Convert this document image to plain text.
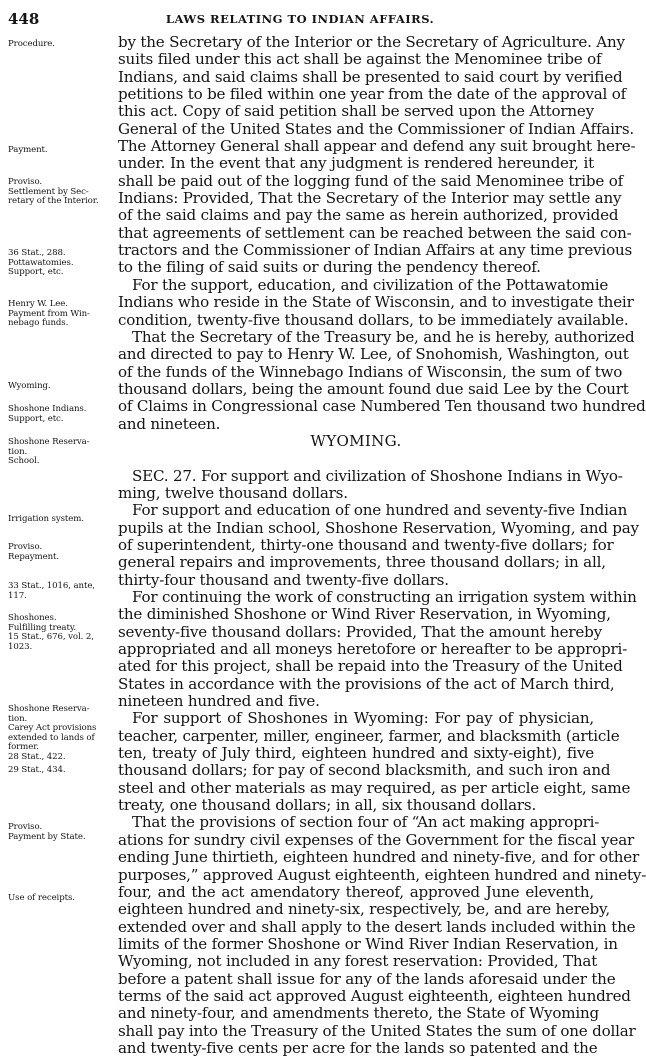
448	LAWS RELATING TO INDIAN AFFAIRS.
Procedure.
Payment.
Proviso.
Settlement by Sec-
retary of the Interior.
36 Stat., 288.
Pottawatomies.
Support, etc.
Henry W. Lee.
Payment from Win-
nebago funds.
Wyoming.
Shoshone Indians.
Support, etc.
Shoshone Reserva-
tion.
School.
Irrigation system.
Proviso.
Repayment.
33 Stat., 1016, ante,
117.
Shoshones.
Fulfilling treaty.
15 Stat., 676, vol. 2,
1023.
Shoshone Reserva-
tion.
Carey Act provisions
extended to lands of
former.
28 Stat., 422.
29 Stat., 434.
Proviso.
Payment by State.
Use of receipts.
by the Secretary of the Interior or the Secretary of Agriculture. Any
suits filed under this act shall be against the Menominee tribe of
Indians, and said claims shall be presented to said court by verified
petitions to be filed within one year from the date of the approval of
this act. Copy of said petition shall be served upon the Attorney
General of the United States and the Commissioner of Indian Affairs.
The Attorney General shall appear and defend any suit brought here-
under. In the event that any judgment is rendered hereunder, it
shall be paid out of the logging fund of the said Menominee tribe of
Indians: Provided, That the Secretary of the Interior may settle any
of the said claims and pay the same as herein authorized, provided
that agreements of settlement can be reached between the said con-
tractors and the Commissioner of Indian Affairs at any time previous
to the filing of said suits or during the pendency thereof.
For the support, education, and civilization of the Pottawatomie
Indians who reside in the State of Wisconsin, and to investigate their
condition, twenty-five thousand dollars, to be immediately available.
That the Secretary of the Treasury be, and he is hereby, authorized
and directed to pay to Henry W. Lee, of Snohomish, Washington, out
of the funds of the Winnebago Indians of Wisconsin, the sum of two
thousand dollars, being the amount found due said Lee by the Court
of Claims in Congressional case Numbered Ten thousand two hundred
and nineteen.
WYOMING.
SEC. 27. For support and civilization of Shoshone Indians in Wyo-
ming, twelve thousand dollars.
For support and education of one hundred and seventy-five Indian
pupils at the Indian school, Shoshone Reservation, Wyoming, and pay
of superintendent, thirty-one thousand and twenty-five dollars; for
general repairs and improvements, three thousand dollars; in all,
thirty-four thousand and twenty-five dollars.
For continuing the work of constructing an irrigation system within
the diminished Shoshone or Wind River Reservation, in Wyoming,
seventy-five thousand dollars: Provided, That the amount hereby
appropriated and all moneys heretofore or hereafter to be appropri-
ated for this project, shall be repaid into the Treasury of the United
States in accordance with the provisions of the act of March third,
nineteen hundred and five.
For support of Shoshones in Wyoming: For pay of physician,
teacher, carpenter, miller, engineer, farmer, and blacksmith (article
ten, treaty of July third, eighteen hundred and sixty-eight), five
thousand dollars; for pay of second blacksmith, and such iron and
steel and other materials as may required, as per article eight, same
treaty, one thousand dollars; in all, six thousand dollars.
That the provisions of section four of “An act making appropri-
ations for sundry civil expenses of the Government for the fiscal year
ending June thirtieth, eighteen hundred and ninety-five, and for other
purposes,” approved August eighteenth, eighteen hundred and ninety-
four, and the act amendatory thereof, approved June eleventh,
eighteen hundred and ninety-six, respectively, be, and are hereby,
extended over and shall apply to the desert lands included within the
limits of the former Shoshone or Wind River Indian Reservation, in
Wyoming, not included in any forest reservation: Provided, That
before a patent shall issue for any of the lands aforesaid under the
terms of the said act approved August eighteenth, eighteen hundred
and ninety-four, and amendments thereto, the State of Wyoming
shall pay into the Treasury of the United States the sum of one dollar
and twenty-five cents per acre for the lands so patented and the
